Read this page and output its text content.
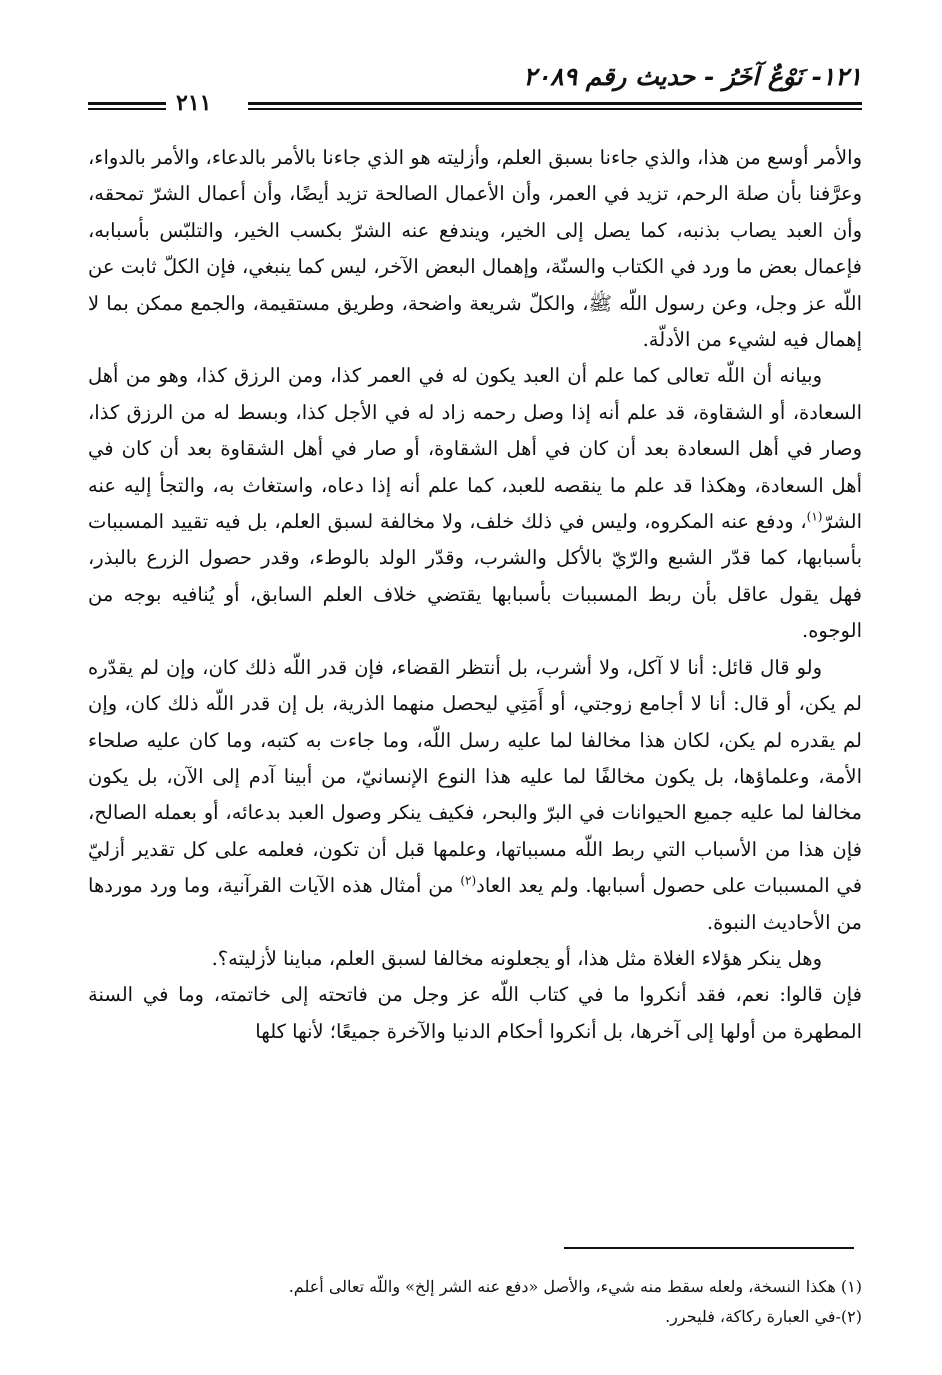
١٢١- نَوْعٌ آخَرُ - حديث رقم ٢٠٨٩
٢١١

والأمر أوسع من هذا، والذي جاءنا بسبق العلم، وأزليته هو الذي جاءنا بالأمر بالدعاء، والأمر بالدواء، وعرَّفنا بأن صلة الرحم، تزيد في العمر، وأن الأعمال الصالحة تزيد أيضًا، وأن أعمال الشرّ تمحقه، وأن العبد يصاب بذنبه، كما يصل إلى الخير، ويندفع عنه الشرّ بكسب الخير، والتلبّس بأسبابه، فإعمال بعض ما ورد في الكتاب والسنّة، وإهمال البعض الآخر، ليس كما ينبغي، فإن الكلّ ثابت عن اللّه عز وجل، وعن رسول اللّه ﷺ، والكلّ شريعة واضحة، وطريق مستقيمة، والجمع ممكن بما لا إهمال فيه لشيء من الأدلّة.

وبيانه أن اللّه تعالى كما علم أن العبد يكون له في العمر كذا، ومن الرزق كذا، وهو من أهل السعادة، أو الشقاوة، قد علم أنه إذا وصل رحمه زاد له في الأجل كذا، وبسط له من الرزق كذا، وصار في أهل السعادة بعد أن كان في أهل الشقاوة، أو صار في أهل الشقاوة بعد أن كان في أهل السعادة، وهكذا قد علم ما ينقصه للعبد، كما علم أنه إذا دعاه، واستغاث به، والتجأ إليه عنه الشرّ$^{(١)}$، ودفع عنه المكروه، وليس في ذلك خلف، ولا مخالفة لسبق العلم، بل فيه تقييد المسببات بأسبابها، كما قدّر الشبع والرّيّ بالأكل والشرب، وقدّر الولد بالوطء، وقدر حصول الزرع بالبذر، فهل يقول عاقل بأن ربط المسببات بأسبابها يقتضي خلاف العلم السابق، أو يُنافيه بوجه من الوجوه.

ولو قال قائل: أنا لا آكل، ولا أشرب، بل أنتظر القضاء، فإن قدر اللّه ذلك كان، وإن لم يقدّره لم يكن، أو قال: أنا لا أجامع زوجتي، أو أَمَتِي ليحصل منهما الذرية، بل إن قدر اللّه ذلك كان، وإن لم يقدره لم يكن، لكان هذا مخالفا لما عليه رسل اللّه، وما جاءت به كتبه، وما كان عليه صلحاء الأمة، وعلماؤها، بل يكون مخالفًا لما عليه هذا النوع الإنسانيّ، من أبينا آدم إلى الآن، بل يكون مخالفا لما عليه جميع الحيوانات في البرّ والبحر، فكيف ينكر وصول العبد بدعائه، أو بعمله الصالح، فإن هذا من الأسباب التي ربط اللّه مسبباتها، وعلمها قبل أن تكون، فعلمه على كل تقدير أزليّ في المسببات على حصول أسبابها. ولم يعد العاد$^{(٢)}$ من أمثال هذه الآيات القرآنية، وما ورد موردها من الأحاديث النبوة.

وهل ينكر هؤلاء الغلاة مثل هذا، أو يجعلونه مخالفا لسبق العلم، مباينا لأزليته؟.

فإن قالوا: نعم، فقد أنكروا ما في كتاب اللّه عز وجل من فاتحته إلى خاتمته، وما في السنة المطهرة من أولها إلى آخرها، بل أنكروا أحكام الدنيا والآخرة جميعًا؛ لأنها كلها

(١) هكذا النسخة، ولعله سقط منه شيء، والأصل «دفع عنه الشر إلخ» واللّه تعالى أعلم.
(٢)-في العبارة ركاكة، فليحرر.
